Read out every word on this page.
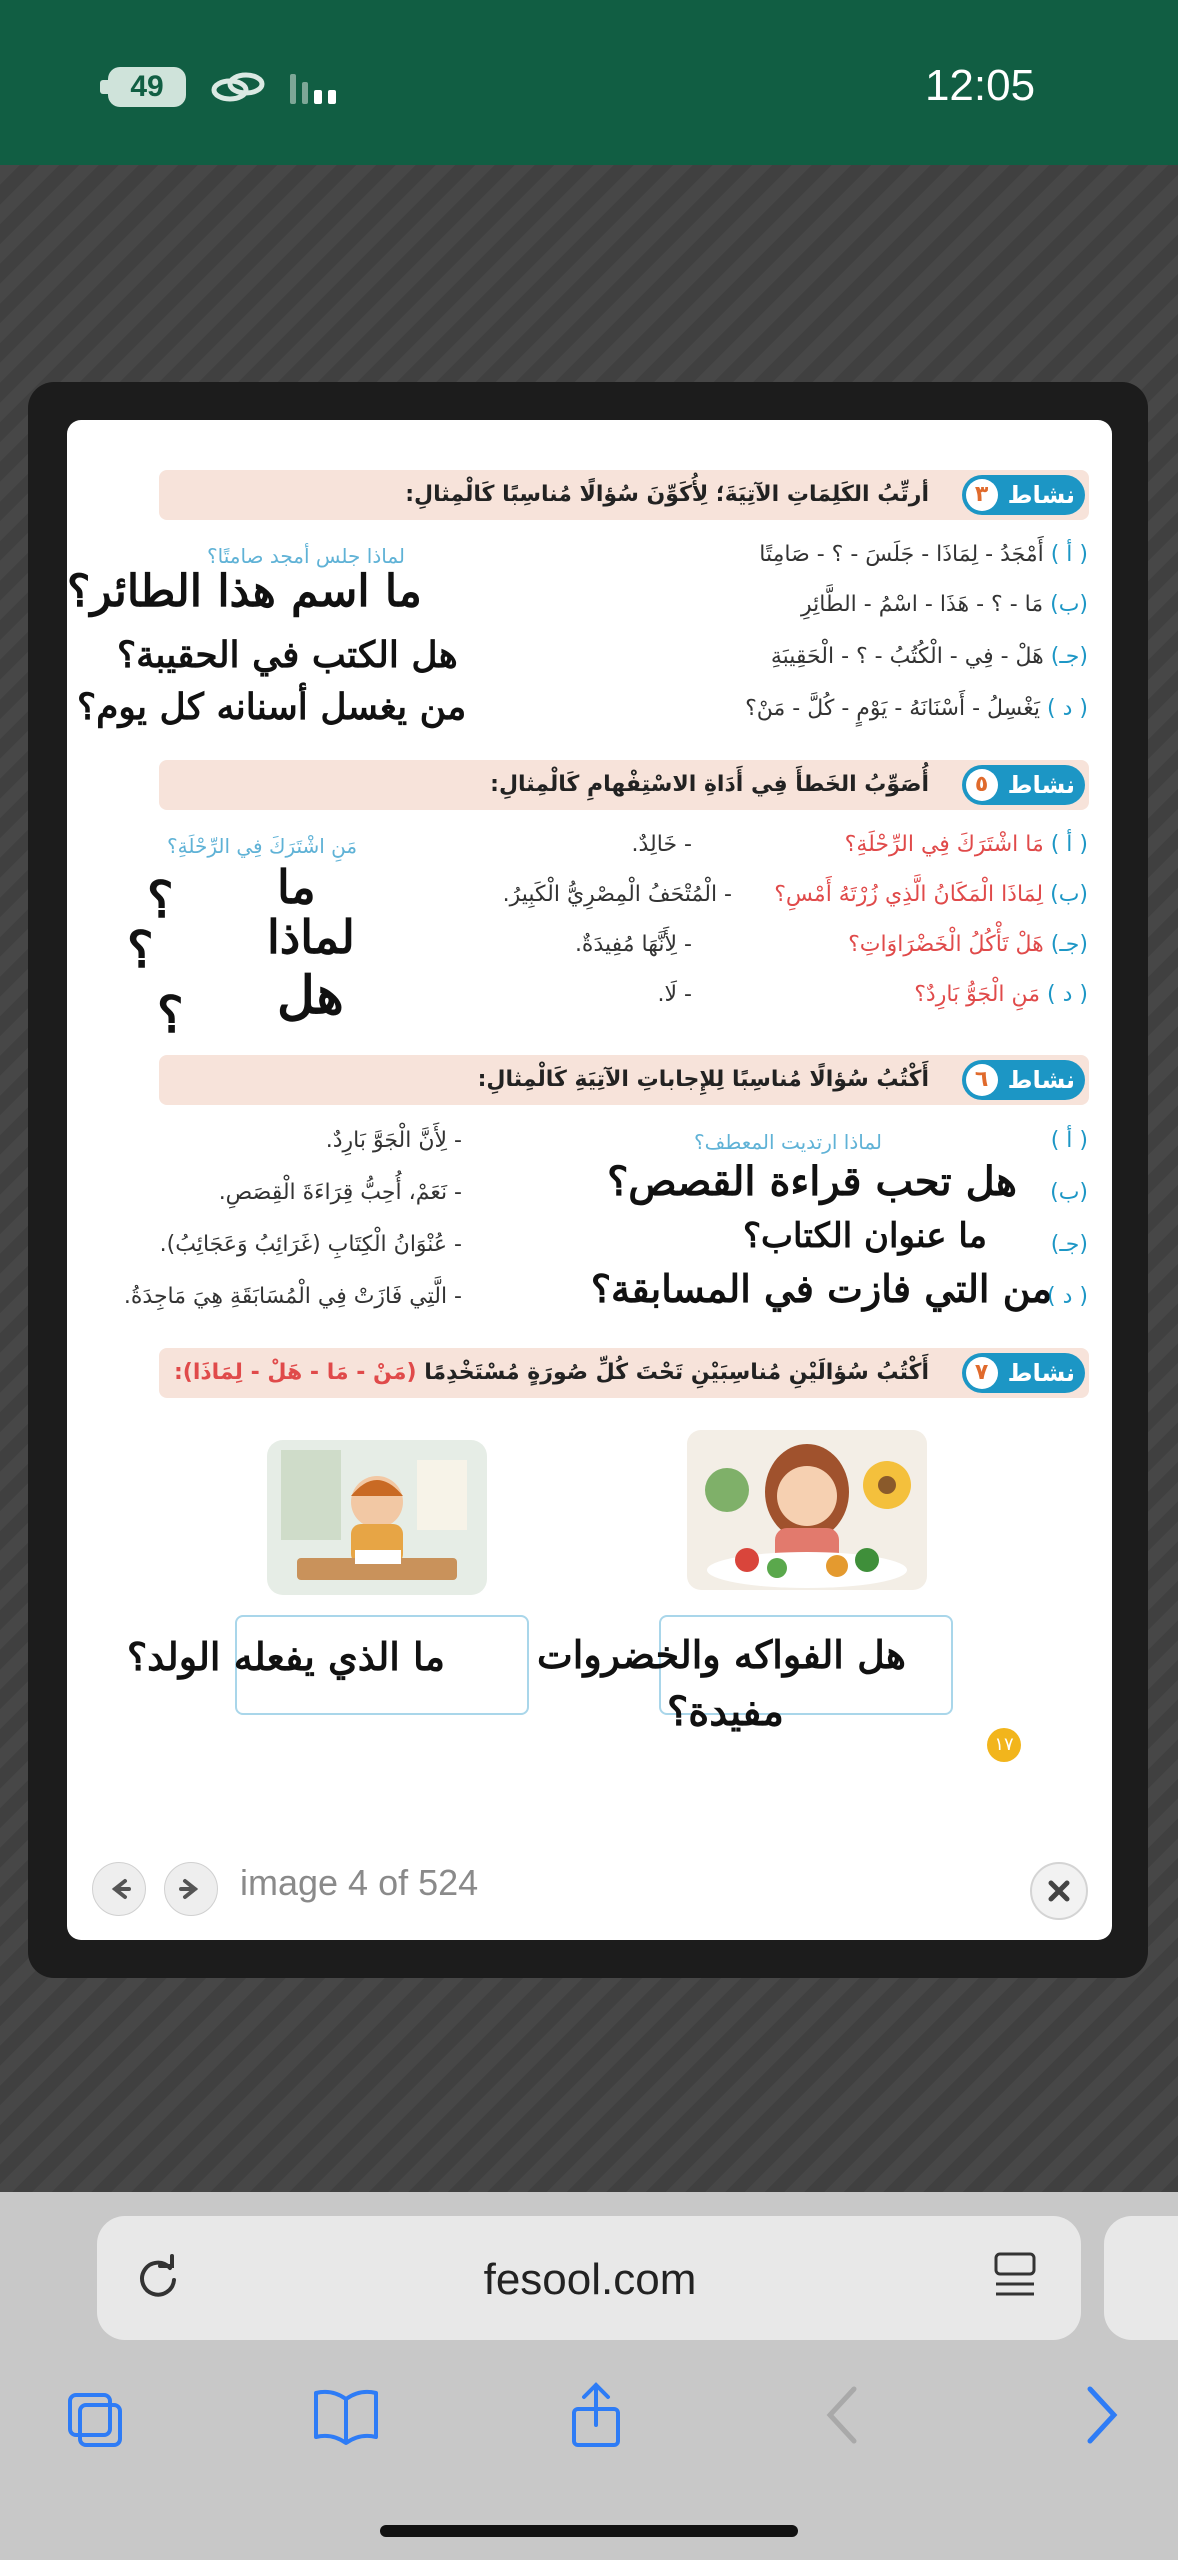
49	12:05
٣ نشاط
أرتِّبُ الكَلِمَاتِ الآتِيَةَ؛ لِأُكَوِّنَ سُؤالًا مُناسِبًا كَالْمِثالِ:
( أ ) أَمْجَدُ - لِمَاذَا - جَلَسَ - ؟ - صَامِتًا
(ب) مَا - ؟ - هَذَا - اسْمُ - الطَّائِرِ
(جـ) هَلْ - فِي - الْكُتُبُ - ؟ - الْحَقِيبَةِ
( د ) يَغْسِلُ - أَسْنَانَهُ - يَوْمٍ - كُلَّ - مَنْ؟
لماذا جلس أمجد صامتًا؟
ما اسم هذا الطائر؟
هل الكتب في الحقيبة؟
من يغسل أسنانه كل يوم؟
٥ نشاط
أُصَوِّبُ الخَطأَ فِي أَدَاةِ الاسْتِفْهامِ كَالْمِثالِ:
( أ ) مَا اشْتَرَكَ فِي الرِّحْلَةِ؟
- خَالِدٌ.
(ب) لِمَاذَا الْمَكَانُ الَّذِي زُرْتَهُ أَمْسِ؟
- الْمُتْحَفُ الْمِصْرِيُّ الْكَبِيرُ.
(جـ) هَلْ تَأْكُلُ الْخَضْرَاوَاتِ؟
- لِأَنَّهَا مُفِيدَةٌ.
( د ) مَنِ الْجَوُّ بَارِدٌ؟
- لَا.
مَنِ اشْتَرَكَ فِي الرِّحْلَةِ؟
ما
لماذا
هل
؟
؟
؟
٦ نشاط
أَكْتُبُ سُؤالًا مُناسِبًا لِلإِجاباتِ الآتِيَةِ كَالْمِثالِ:
( أ )
(ب)
(جـ)
( د )
لماذا ارتديت المعطف؟
- لِأَنَّ الْجَوَّ بَارِدٌ.
- نَعَمْ، أُحِبُّ قِرَاءَةَ الْقِصَصِ.
- عُنْوَانُ الْكِتَابِ (غَرَائِبُ وَعَجَائِبُ).
- الَّتِي فَازَتْ فِي الْمُسَابَقَةِ هِيَ مَاجِدَةُ.
هل تحب قراءة القصص؟
ما عنوان الكتاب؟
من التي فازت في المسابقة؟
٧ نشاط
أَكْتُبُ سُؤالَيْنِ مُناسِبَيْنِ تَحْتَ كُلِّ صُورَةٍ مُسْتَخْدِمًا (مَنْ - مَا - هَلْ - لِمَاذَا):
ما الذي يفعله الولد؟ هل الفواكه والخضروات
مفيدة؟
١٧
image 4 of 524
fesool.com
